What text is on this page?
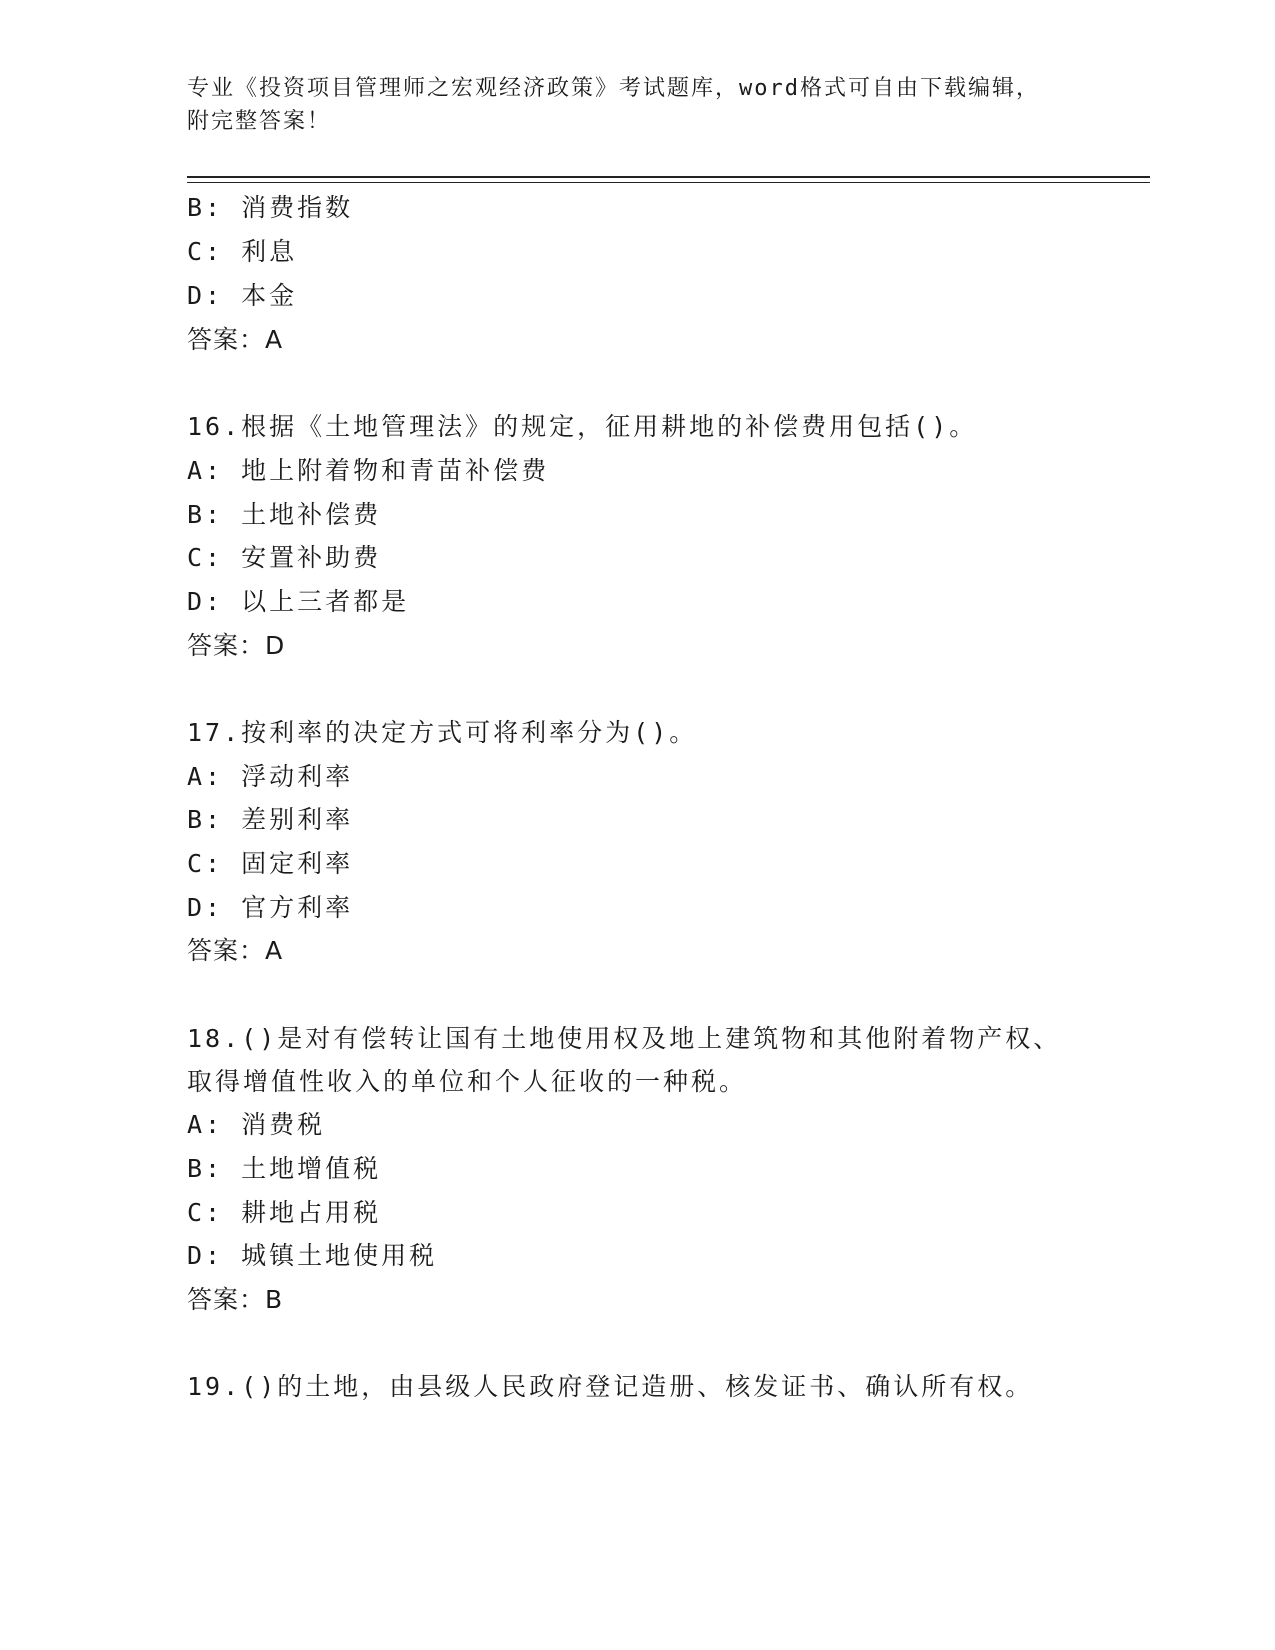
专业《投资项目管理师之宏观经济政策》考试题库，word格式可自由下载编辑，
附完整答案！
B: 消费指数
C: 利息
D: 本金
答案：A
16.根据《土地管理法》的规定，征用耕地的补偿费用包括()。
A: 地上附着物和青苗补偿费
B: 土地补偿费
C: 安置补助费
D: 以上三者都是
答案：D
17.按利率的决定方式可将利率分为()。
A: 浮动利率
B: 差别利率
C: 固定利率
D: 官方利率
答案：A
18.()是对有偿转让国有土地使用权及地上建筑物和其他附着物产权、
取得增值性收入的单位和个人征收的一种税。
A: 消费税
B: 土地增值税
C: 耕地占用税
D: 城镇土地使用税
答案：B
19.()的土地，由县级人民政府登记造册、核发证书、确认所有权。
